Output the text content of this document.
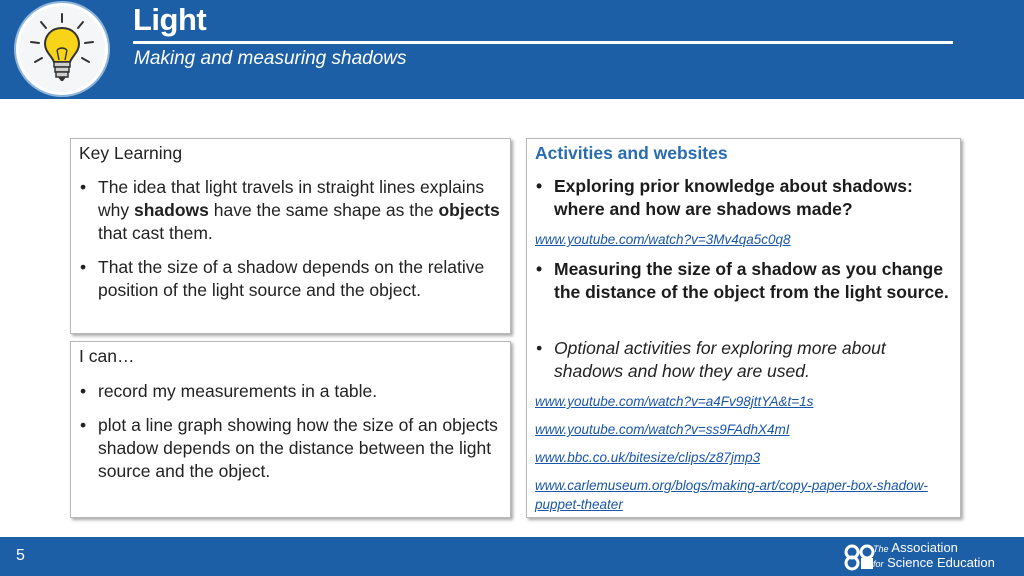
Light
Making and measuring shadows
Key Learning
• The idea that light travels in straight lines explains why shadows have the same shape as the objects that cast them.
• That the size of a shadow depends on the relative position of the light source and the object.
I can…
• record my measurements in a table.
• plot a line graph showing how the size of an objects shadow depends on the distance between the light source and the object.
Activities and websites
• Exploring prior knowledge about shadows: where and how are shadows made?
www.youtube.com/watch?v=3Mv4qa5c0q8
• Measuring the size of a shadow as you change the distance of the object from the light source.
• Optional activities for exploring more about shadows and how they are used.
www.youtube.com/watch?v=a4Fv98jttYA&t=1s
www.youtube.com/watch?v=ss9FAdhX4mI
www.bbc.co.uk/bitesize/clips/z87jmp3
www.carlemuseum.org/blogs/making-art/copy-paper-box-shadow-puppet-theater
5	The Association
for Science Education
